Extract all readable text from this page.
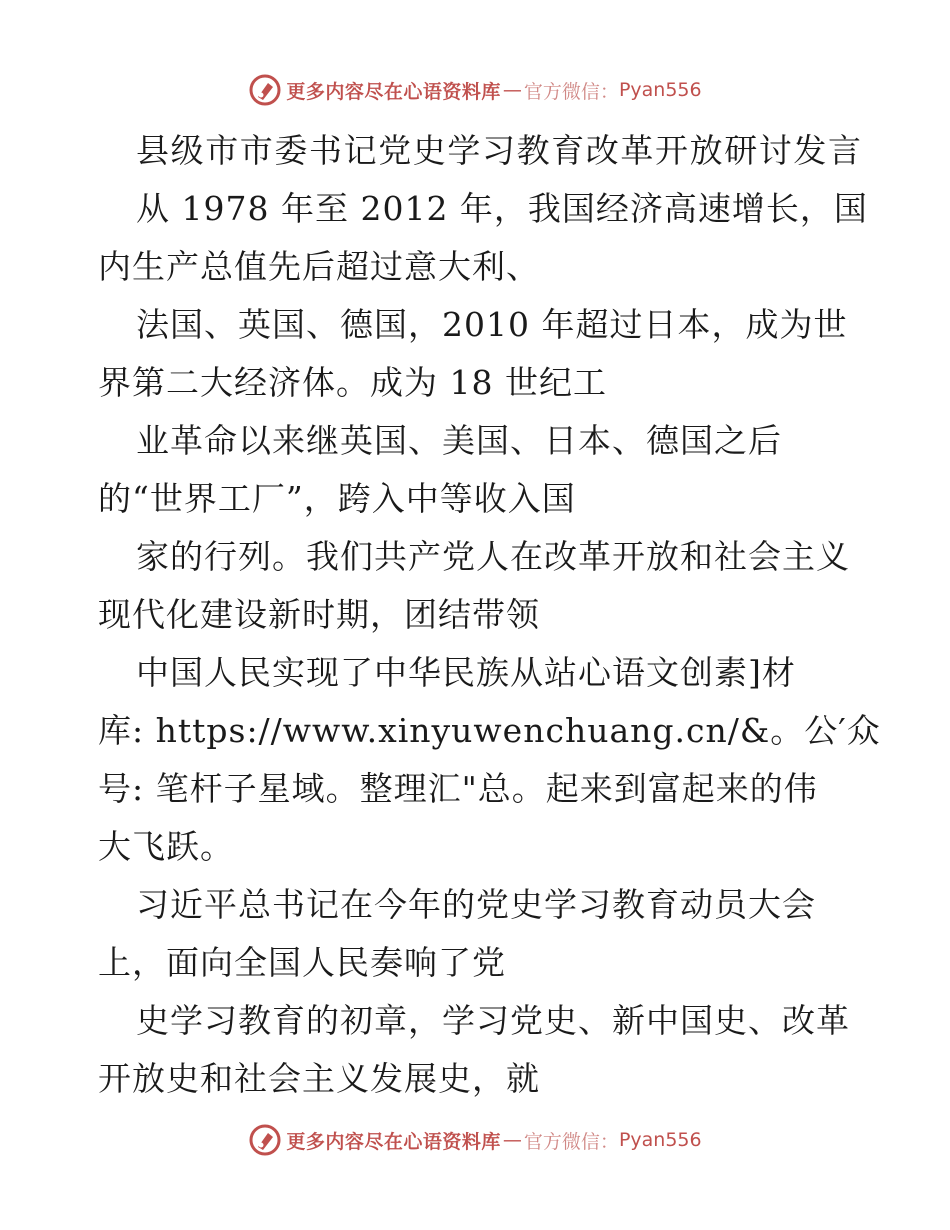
更多内容尽在心语资料库 — 官方微信： Pyan556
县级市市委书记党史学习教育改革开放研讨发言
从 1978 年至 2012 年，我国经济高速增长，国
内生产总值先后超过意大利、
法国、英国、德国，2010 年超过日本，成为世
界第二大经济体。成为 18 世纪工
业革命以来继英国、美国、日本、德国之后
的“世界工厂”，跨入中等收入国
家的行列。我们共产党人在改革开放和社会主义
现代化建设新时期，团结带领
中国人民实现了中华民族从站心语文创素]材
库: https://www.xinyuwenchuang.cn/&。公′众
号: 笔杆子星域。整理汇"总。起来到富起来的伟
大飞跃。
习近平总书记在今年的党史学习教育动员大会
上，面向全国人民奏响了党
史学习教育的初章，学习党史、新中国史、改革
开放史和社会主义发展史，就
更多内容尽在心语资料库 — 官方微信： Pyan556
